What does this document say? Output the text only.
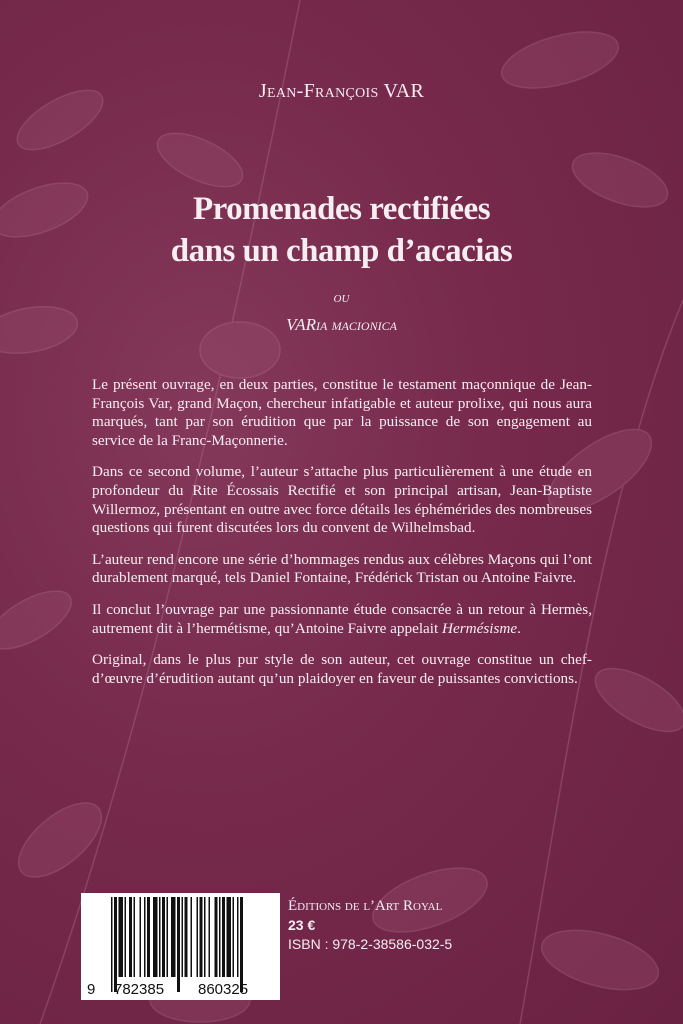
Jean-François VAR
Promenades rectifiées
dans un champ d’acacias
ou
VARia macionica

Le présent ouvrage, en deux parties, constitue le testament maçonnique de Jean-François Var, grand Maçon, chercheur infatigable et auteur prolixe, qui nous aura marqués, tant par son érudition que par la puissance de son engagement au service de la Franc-Maçonnerie.

Dans ce second volume, l’auteur s’attache plus particulièrement à une étude en profondeur du Rite Écossais Rectifié et son principal artisan, Jean-Baptiste Willermoz, présentant en outre avec force détails les éphémérides des nombreuses questions qui furent discutées lors du convent de Wilhelmsbad.

L’auteur rend encore une série d’hommages rendus aux célèbres Maçons qui l’ont durablement marqué, tels Daniel Fontaine, Frédérick Tristan ou Antoine Faivre.

Il conclut l’ouvrage par une passionnante étude consacrée à un retour à Hermès, autrement dit à l’hermétisme, qu’Antoine Faivre appelait Hermésisme.

Original, dans le plus pur style de son auteur, cet ouvrage constitue un chef-d’œuvre d’érudition autant qu’un plaidoyer en faveur de puissantes convictions.

9 782385 860325
Éditions de l’Art Royal
23 €
ISBN : 978-2-38586-032-5
